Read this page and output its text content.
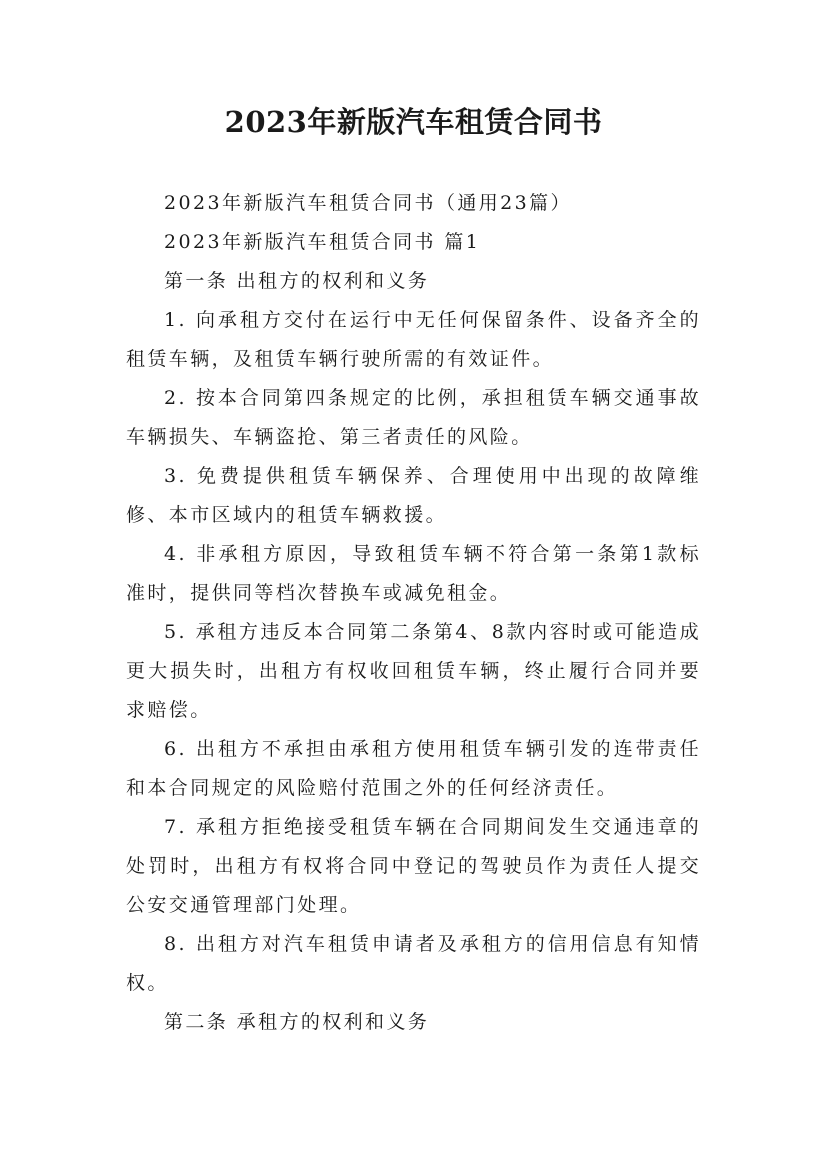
2023年新版汽车租赁合同书

2023年新版汽车租赁合同书（通用23篇）

2023年新版汽车租赁合同书 篇1

第一条 出租方的权利和义务

1. 向承租方交付在运行中无任何保留条件、设备齐全的租赁车辆，及租赁车辆行驶所需的有效证件。

2. 按本合同第四条规定的比例，承担租赁车辆交通事故车辆损失、车辆盗抢、第三者责任的风险。

3. 免费提供租赁车辆保养、合理使用中出现的故障维修、本市区域内的租赁车辆救援。

4. 非承租方原因，导致租赁车辆不符合第一条第1款标准时，提供同等档次替换车或减免租金。

5. 承租方违反本合同第二条第4、8款内容时或可能造成更大损失时，出租方有权收回租赁车辆，终止履行合同并要求赔偿。

6. 出租方不承担由承租方使用租赁车辆引发的连带责任和本合同规定的风险赔付范围之外的任何经济责任。

7. 承租方拒绝接受租赁车辆在合同期间发生交通违章的处罚时，出租方有权将合同中登记的驾驶员作为责任人提交公安交通管理部门处理。

8. 出租方对汽车租赁申请者及承租方的信用信息有知情权。

第二条 承租方的权利和义务
